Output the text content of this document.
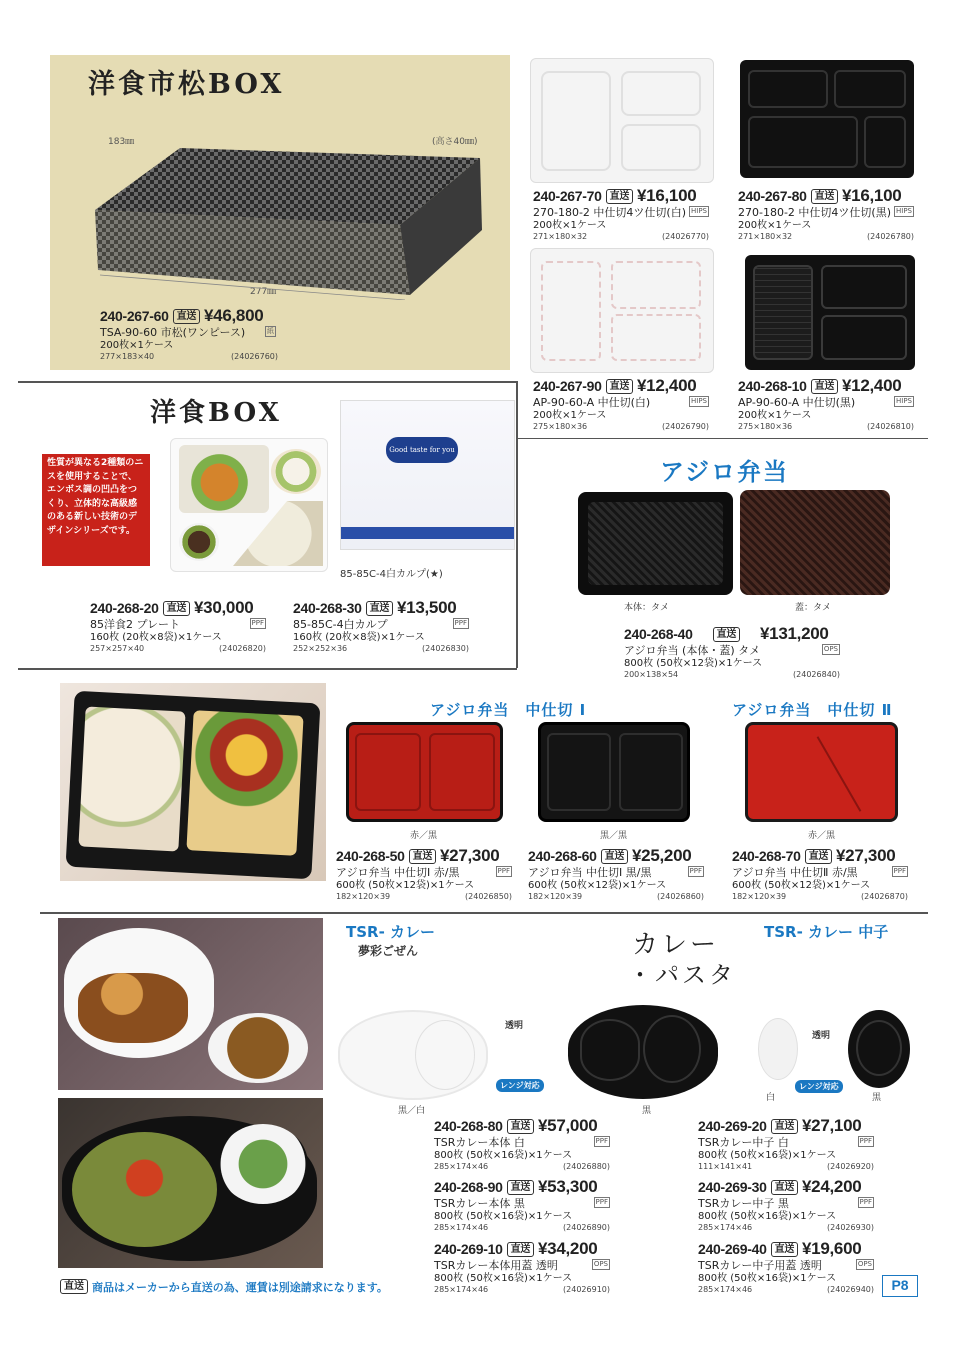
洋食市松BOX
183㎜	(高さ40㎜)
277㎜
240-267-60 直送 ¥46,800
TSA-90-60 市松(ワンピース)	紙
200枚×1ケース
277×183×40	(24026760)
240-267-70 直送 ¥16,100
270-180-2 中仕切4ツ仕切(白) HIPS
200枚×1ケース
271×180×32	(24026770)
240-267-80 直送 ¥16,100
270-180-2 中仕切4ツ仕切(黒) HIPS
200枚×1ケース
271×180×32	(24026780)
240-267-90 直送 ¥12,400
AP-90-60-A 中仕切(白)	HIPS
200枚×1ケース
275×180×36	(24026790)
240-268-10 直送 ¥12,400
AP-90-60-A 中仕切(黒)	HIPS
200枚×1ケース
275×180×36	(24026810)
洋食BOX
性質が異なる2種類のニスを使用することで、エンボス調の凹凸をつくり、立体的な高級感のある新しい技術のデザインシリーズです。
Good taste for you
85-85C-4白カルプ(★)
240-268-20 直送 ¥30,000
85洋食2 プレート	PPF
160枚 (20枚×8袋)×1ケース
257×257×40	(24026820)
240-268-30 直送 ¥13,500
85-85C-4白カルプ	PPF
160枚 (20枚×8袋)×1ケース
252×252×36	(24026830)
アジロ弁当
本体：タメ	蓋：タメ
240-268-40 直送 ¥131,200
アジロ弁当 (本体・蓋) タメ	OPS
800枚 (50枚×12袋)×1ケース
200×138×54	(24026840)
アジロ弁当　中仕切 Ⅰ	アジロ弁当　中仕切 Ⅱ
赤／黒	黒／黒	赤／黒
240-268-50 直送 ¥27,300
アジロ弁当 中仕切Ⅰ 赤/黒	PPF
600枚 (50枚×12袋)×1ケース
182×120×39	(24026850)
240-268-60 直送 ¥25,200
アジロ弁当 中仕切Ⅰ 黒/黒	PPF
600枚 (50枚×12袋)×1ケース
182×120×39	(24026860)
240-268-70 直送 ¥27,300
アジロ弁当 中仕切Ⅱ 赤/黒	PPF
600枚 (50枚×12袋)×1ケース
182×120×39	(24026870)
TSR- カレー
夢彩ごぜん	カレー
・パスタ
TSR- カレー 中子
透明
透明
レンジ対応	レンジ対応
黒／白	黒
白	黒
240-268-80 直送 ¥57,000
TSRカレー本体 白	PPF
800枚 (50枚×16袋)×1ケース
285×174×46	(24026880)
240-268-90 直送 ¥53,300
TSRカレー本体 黒	PPF
800枚 (50枚×16袋)×1ケース
285×174×46	(24026890)
240-269-10 直送 ¥34,200
TSRカレー本体用蓋 透明	OPS
800枚 (50枚×16袋)×1ケース
285×174×46	(24026910)
240-269-20 直送 ¥27,100
TSRカレー中子 白	PPF
800枚 (50枚×16袋)×1ケース
111×141×41	(24026920)
240-269-30 直送 ¥24,200
TSRカレー中子 黒	PPF
800枚 (50枚×16袋)×1ケース
285×174×46	(24026930)
240-269-40 直送 ¥19,600
TSRカレー中子用蓋 透明	OPS
800枚 (50枚×16袋)×1ケース
285×174×46	(24026940)
直送 商品はメーカーから直送の為、運賃は別途請求になります。	P8
